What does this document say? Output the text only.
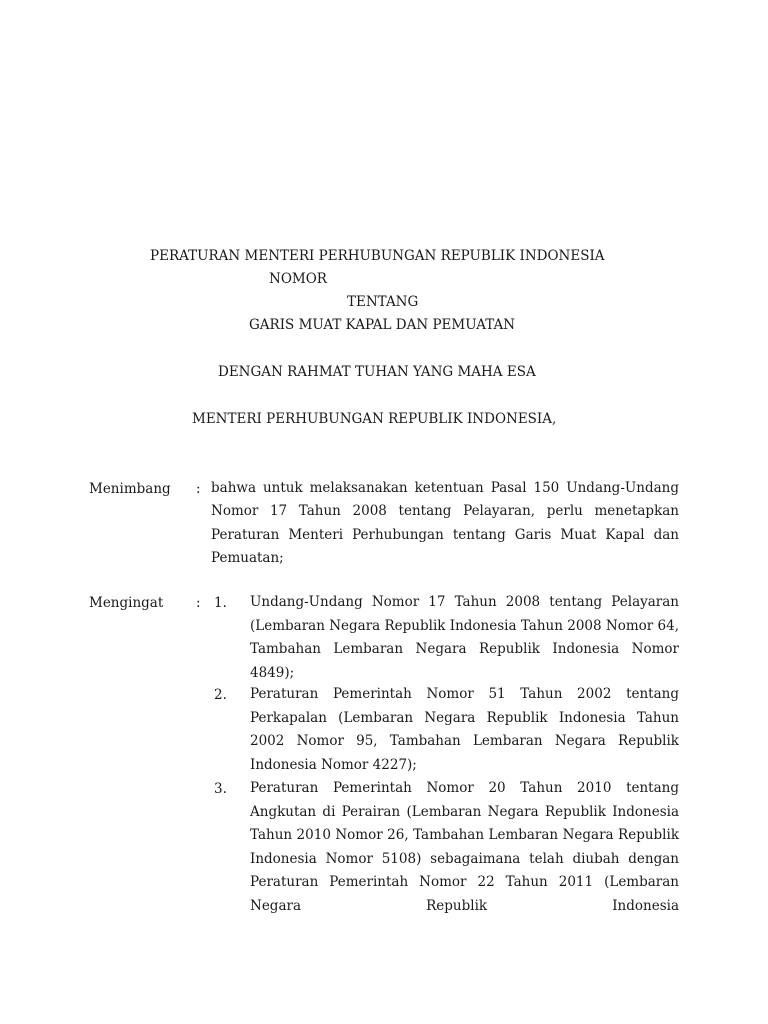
PERATURAN MENTERI PERHUBUNGAN REPUBLIK INDONESIA
NOMOR
TENTANG
GARIS MUAT KAPAL DAN PEMUATAN
DENGAN RAHMAT TUHAN YANG MAHA ESA
MENTERI PERHUBUNGAN REPUBLIK INDONESIA,
Menimbang : bahwa untuk melaksanakan ketentuan Pasal 150 Undang-Undang Nomor 17 Tahun 2008 tentang Pelayaran, perlu menetapkan Peraturan Menteri Perhubungan tentang Garis Muat Kapal dan Pemuatan;
Mengingat : 1. Undang-Undang Nomor 17 Tahun 2008 tentang Pelayaran (Lembaran Negara Republik Indonesia Tahun 2008 Nomor 64, Tambahan Lembaran Negara Republik Indonesia Nomor 4849);
2. Peraturan Pemerintah Nomor 51 Tahun 2002 tentang Perkapalan (Lembaran Negara Republik Indonesia Tahun 2002 Nomor 95, Tambahan Lembaran Negara Republik Indonesia Nomor 4227);
3. Peraturan Pemerintah Nomor 20 Tahun 2010 tentang Angkutan di Perairan (Lembaran Negara Republik Indonesia Tahun 2010 Nomor 26, Tambahan Lembaran Negara Republik Indonesia Nomor 5108) sebagaimana telah diubah dengan Peraturan Pemerintah Nomor 22 Tahun 2011 (Lembaran Negara Republik Indonesia
